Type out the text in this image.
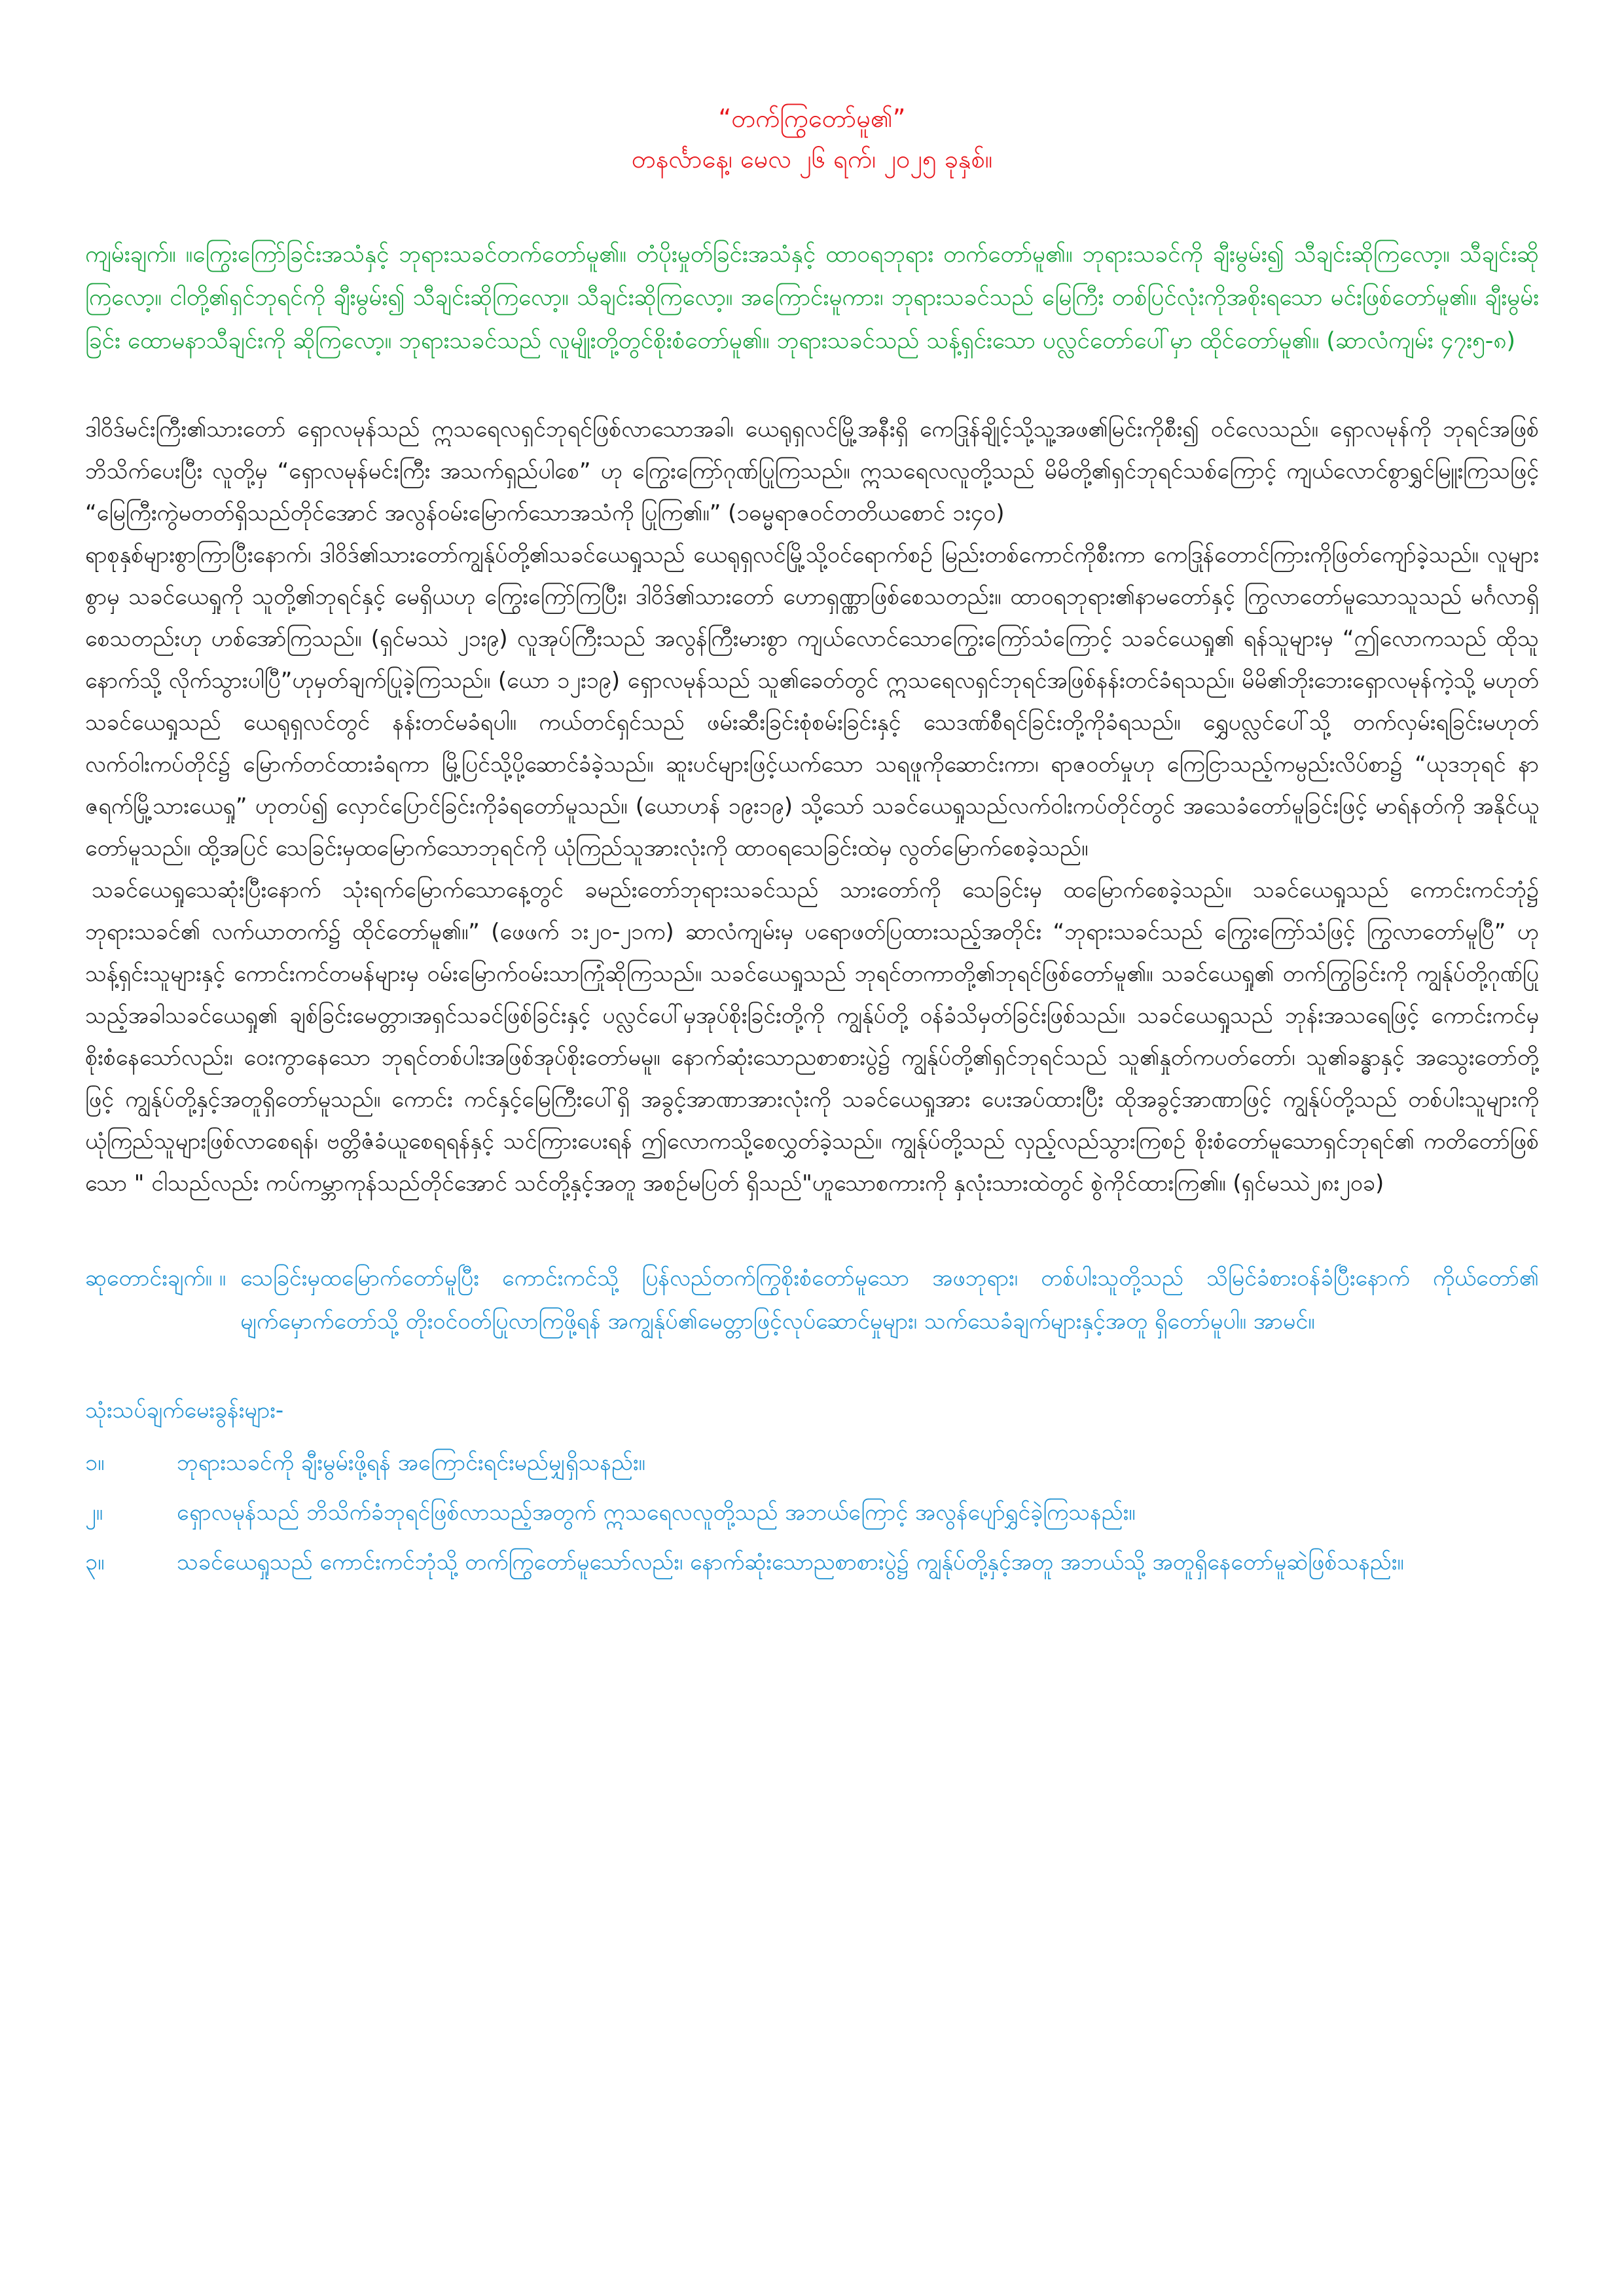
“တက်ကြွတော်မူ၏”
တနင်္လာနေ့၊ မေလ ၂၆ ရက်၊ ၂၀၂၅ ခုနှစ်။

ကျမ်းချက်။ ။ကြွေးကြော်ခြင်းအသံနှင့် ဘုရားသခင်တက်တော်မူ၏။ တံပိုးမှုတ်ခြင်းအသံနှင့် ထာဝရဘုရား တက်တော်မူ၏။ ဘုရားသခင်ကို ချီးမွမ်း၍ သီချင်းဆိုကြလော့။ သီချင်းဆိုကြလော့။ ငါတို့၏ရှင်ဘုရင်ကို ချီးမွမ်း၍ သီချင်းဆိုကြလော့။ သီချင်းဆိုကြလော့။ အကြောင်းမူကား၊ ဘုရားသခင်သည် မြေကြီး တစ်ပြင်လုံးကိုအစိုးရသော မင်းဖြစ်တော်မူ၏။ ချီးမွမ်းခြင်း ထောမနာသီချင်းကို ဆိုကြလော့။ ဘုရားသခင်သည် လူမျိုးတို့တွင်စိုးစံတော်မူ၏။ ဘုရားသခင်သည် သန့်ရှင်းသော ပလ္လင်တော်ပေါ်မှာ ထိုင်တော်မူ၏။ (ဆာလံကျမ်း ၄၇း၅-၈)

ဒါဝိဒ်မင်းကြီး၏သားတော် ရှောလမုန်သည် ဣသရေလရှင်ဘုရင်ဖြစ်လာသောအခါ၊ ယေရုရှလင်မြို့အနီးရှိ ကေဒြုန်ချိုင့်သို့သူ့အဖ၏မြင်းကိုစီး၍ ဝင်လေသည်။ ရှောလမုန်ကို ဘုရင်အဖြစ်ဘိသိက်ပေးပြီး လူတို့မှ “ရှောလမုန်မင်းကြီး အသက်ရှည်ပါစေ” ဟု ကြွေးကြော်ဂုဏ်ပြုကြသည်။ ဣသရေလလူတို့သည် မိမိတို့၏ရှင်ဘုရင်သစ်ကြောင့် ကျယ်လောင်စွာရွှင်မြူးကြသဖြင့် “မြေကြီးကွဲမတတ်ရှိသည်တိုင်အောင် အလွန်ဝမ်းမြောက်သောအသံကို ပြုကြ၏။” (၁ဓမ္မရာဇဝင်တတိယစောင် ၁း၄၀)

ရာစုနှစ်များစွာကြာပြီးနောက်၊ ဒါဝိဒ်၏သားတော်ကျွန်ုပ်တို့၏သခင်ယေရှုသည် ယေရုရှလင်မြို့သို့ဝင်ရောက်စဉ် မြည်းတစ်ကောင်ကိုစီးကာ ကေဒြုန်တောင်ကြားကိုဖြတ်ကျော်ခဲ့သည်။ လူများစွာမှ သခင်ယေရှုကို သူတို့၏ဘုရင်နှင့် မေရှိယဟု ကြွေးကြော်ကြပြီး၊ ဒါဝိဒ်၏သားတော် ဟောရှဏ္ဏာဖြစ်စေသတည်း။ ထာဝရဘုရား၏နာမတော်နှင့် ကြွလာတော်မူသောသူသည် မင်္ဂလာရှိစေသတည်းဟု ဟစ်အော်ကြသည်။ (ရှင်မဿဲ ၂၁း၉) လူအုပ်ကြီးသည် အလွန်ကြီးမားစွာ ကျယ်လောင်သောကြွေးကြော်သံကြောင့် သခင်ယေရှု၏ ရန်သူများမှ “ဤလောကသည် ထိုသူနောက်သို့ လိုက်သွားပါပြီ”ဟုမှတ်ချက်ပြုခဲ့ကြသည်။ (ယော ၁၂း၁၉) ရှောလမုန်သည် သူ၏ခေတ်တွင် ဣသရေလရှင်ဘုရင်အဖြစ်နန်းတင်ခံရသည်။ မိမိ၏ဘိုးဘေးရှောလမုန်ကဲ့သို့ မဟုတ် သခင်ယေရှုသည် ယေရုရှလင်တွင် နန်းတင်မခံရပါ။ ကယ်တင်ရှင်သည် ဖမ်းဆီးခြင်းစုံစမ်းခြင်းနှင့် သေဒဏ်စီရင်ခြင်းတို့ကိုခံရသည်။ ရွှေပလ္လင်ပေါ်သို့ တက်လှမ်းရခြင်းမဟုတ် လက်ဝါးကပ်တိုင်၌ မြောက်တင်ထားခံရကာ မြို့ပြင်သို့ပို့ဆောင်ခံခဲ့သည်။ ဆူးပင်များဖြင့်ယက်သော သရဖူကိုဆောင်းကာ၊ ရာဇဝတ်မှုဟု ကြေငြာသည့်ကမ္ပည်းလိပ်စာ၌ “ယုဒဘုရင် နာဇရက်မြို့သားယေရှု” ဟုတပ်၍ လှောင်ပြောင်ခြင်းကိုခံရတော်မူသည်။ (ယောဟန် ၁၉း၁၉) သို့သော် သခင်ယေရှုသည်လက်ဝါးကပ်တိုင်တွင် အသေခံတော်မူခြင်းဖြင့် မာရ်နတ်ကို အနိုင်ယူတော်မူသည်။ ထို့အပြင် သေခြင်းမှထမြောက်သောဘုရင်ကို ယုံကြည်သူအားလုံးကို ထာဝရသေခြင်းထဲမှ လွတ်မြောက်စေခဲ့သည်။

သခင်ယေရှုသေဆုံးပြီးနောက် သုံးရက်မြောက်သောနေ့တွင် ခမည်းတော်ဘုရားသခင်သည် သားတော်ကို သေခြင်းမှ ထမြောက်စေခဲ့သည်။ သခင်ယေရှုသည် ကောင်းကင်ဘုံ၌ ဘုရားသခင်၏ လက်ယာတက်၌ ထိုင်တော်မူ၏။” (ဖေဖက် ၁း၂၀-၂၁က) ဆာလံကျမ်းမှ ပရောဖတ်ပြထားသည့်အတိုင်း “ဘုရားသခင်သည် ကြွေးကြော်သံဖြင့် ကြွလာတော်မူပြီ” ဟု သန့်ရှင်းသူများနှင့် ကောင်းကင်တမန်များမှ ဝမ်းမြောက်ဝမ်းသာကြုံဆိုကြသည်။ သခင်ယေရှုသည် ဘုရင်တကာတို့၏ဘုရင်ဖြစ်တော်မူ၏။ သခင်ယေရှု၏ တက်ကြွခြင်းကို ကျွန်ုပ်တို့ဂုဏ်ပြုသည့်အခါသခင်ယေရှု၏ ချစ်ခြင်းမေတ္တာ၊အရှင်သခင်ဖြစ်ခြင်းနှင့် ပလ္လင်ပေါ်မှအုပ်စိုးခြင်းတို့ကို ကျွန်ုပ်တို့ ဝန်ခံသိမှတ်ခြင်းဖြစ်သည်။ သခင်ယေရှုသည် ဘုန်းအသရေဖြင့် ကောင်းကင်မှ စိုးစံနေသော်လည်း၊ ဝေးကွာနေသော ဘုရင်တစ်ပါးအဖြစ်အုပ်စိုးတော်မမူ။ နောက်ဆုံးသောညစာစားပွဲ၌ ကျွန်ုပ်တို့၏ရှင်ဘုရင်သည် သူ၏နှုတ်ကပတ်တော်၊ သူ၏ခန္ဓာနှင့် အသွေးတော်တို့ဖြင့် ကျွန်ုပ်တို့နှင့်အတူရှိတော်မူသည်။ ကောင်း ကင်နှင့်မြေကြီးပေါ်ရှိ အခွင့်အာဏာအားလုံးကို သခင်ယေရှုအား ပေးအပ်ထားပြီး ထိုအခွင့်အာဏာဖြင့် ကျွန်ုပ်တို့သည် တစ်ပါးသူများကို ယုံကြည်သူများဖြစ်လာစေရန်၊ ဗတ္တိဇံခံယူစေရရန်နှင့် သင်ကြားပေးရန် ဤလောကသို့စေလွှတ်ခဲ့သည်။ ကျွန်ုပ်တို့သည် လှည့်လည်သွားကြစဉ် စိုးစံတော်မူသောရှင်ဘုရင်၏ ကတိတော်ဖြစ်သော " ငါသည်လည်း ကပ်ကမ္ဘာကုန်သည်တိုင်အောင် သင်တို့နှင့်အတူ အစဉ်မပြတ် ရှိသည်"ဟူသောစကားကို နှလုံးသားထဲတွင် စွဲကိုင်ထားကြ၏။ (ရှင်မဿဲ၂၈း၂၀ခ)

ဆုတောင်းချက်။ ။ သေခြင်းမှထမြောက်တော်မူပြီး ကောင်းကင်သို့ ပြန်လည်တက်ကြွစိုးစံတော်မူသော အဖဘုရား၊ တစ်ပါးသူတို့သည် သိမြင်ခံစားဝန်ခံပြီးနောက် ကိုယ်တော်၏ မျက်မှောက်တော်သို့ တိုးဝင်ဝတ်ပြုလာကြဖို့ရန် အကျွန်ုပ်၏မေတ္တာဖြင့်လုပ်ဆောင်မှုများ၊ သက်သေခံချက်များနှင့်အတူ ရှိတော်မူပါ။ အာမင်။
သုံးသပ်ချက်မေးခွန်းများ-
၁။	ဘုရားသခင်ကို ချီးမွမ်းဖို့ရန် အကြောင်းရင်းမည်မျှရှိသနည်း။
၂။	ရှောလမုန်သည် ဘိသိက်ခံဘုရင်ဖြစ်လာသည့်အတွက် ဣသရေလလူတို့သည် အဘယ်ကြောင့် အလွန်ပျော်ရွှင်ခဲ့ကြသနည်း။
၃။	သခင်ယေရှုသည် ကောင်းကင်ဘုံသို့ တက်ကြွတော်မူသော်လည်း၊ နောက်ဆုံးသောညစာစားပွဲ၌ ကျွန်ုပ်တို့နှင့်အတူ အဘယ်သို့ အတူရှိနေတော်မူဆဲဖြစ်သနည်း။
